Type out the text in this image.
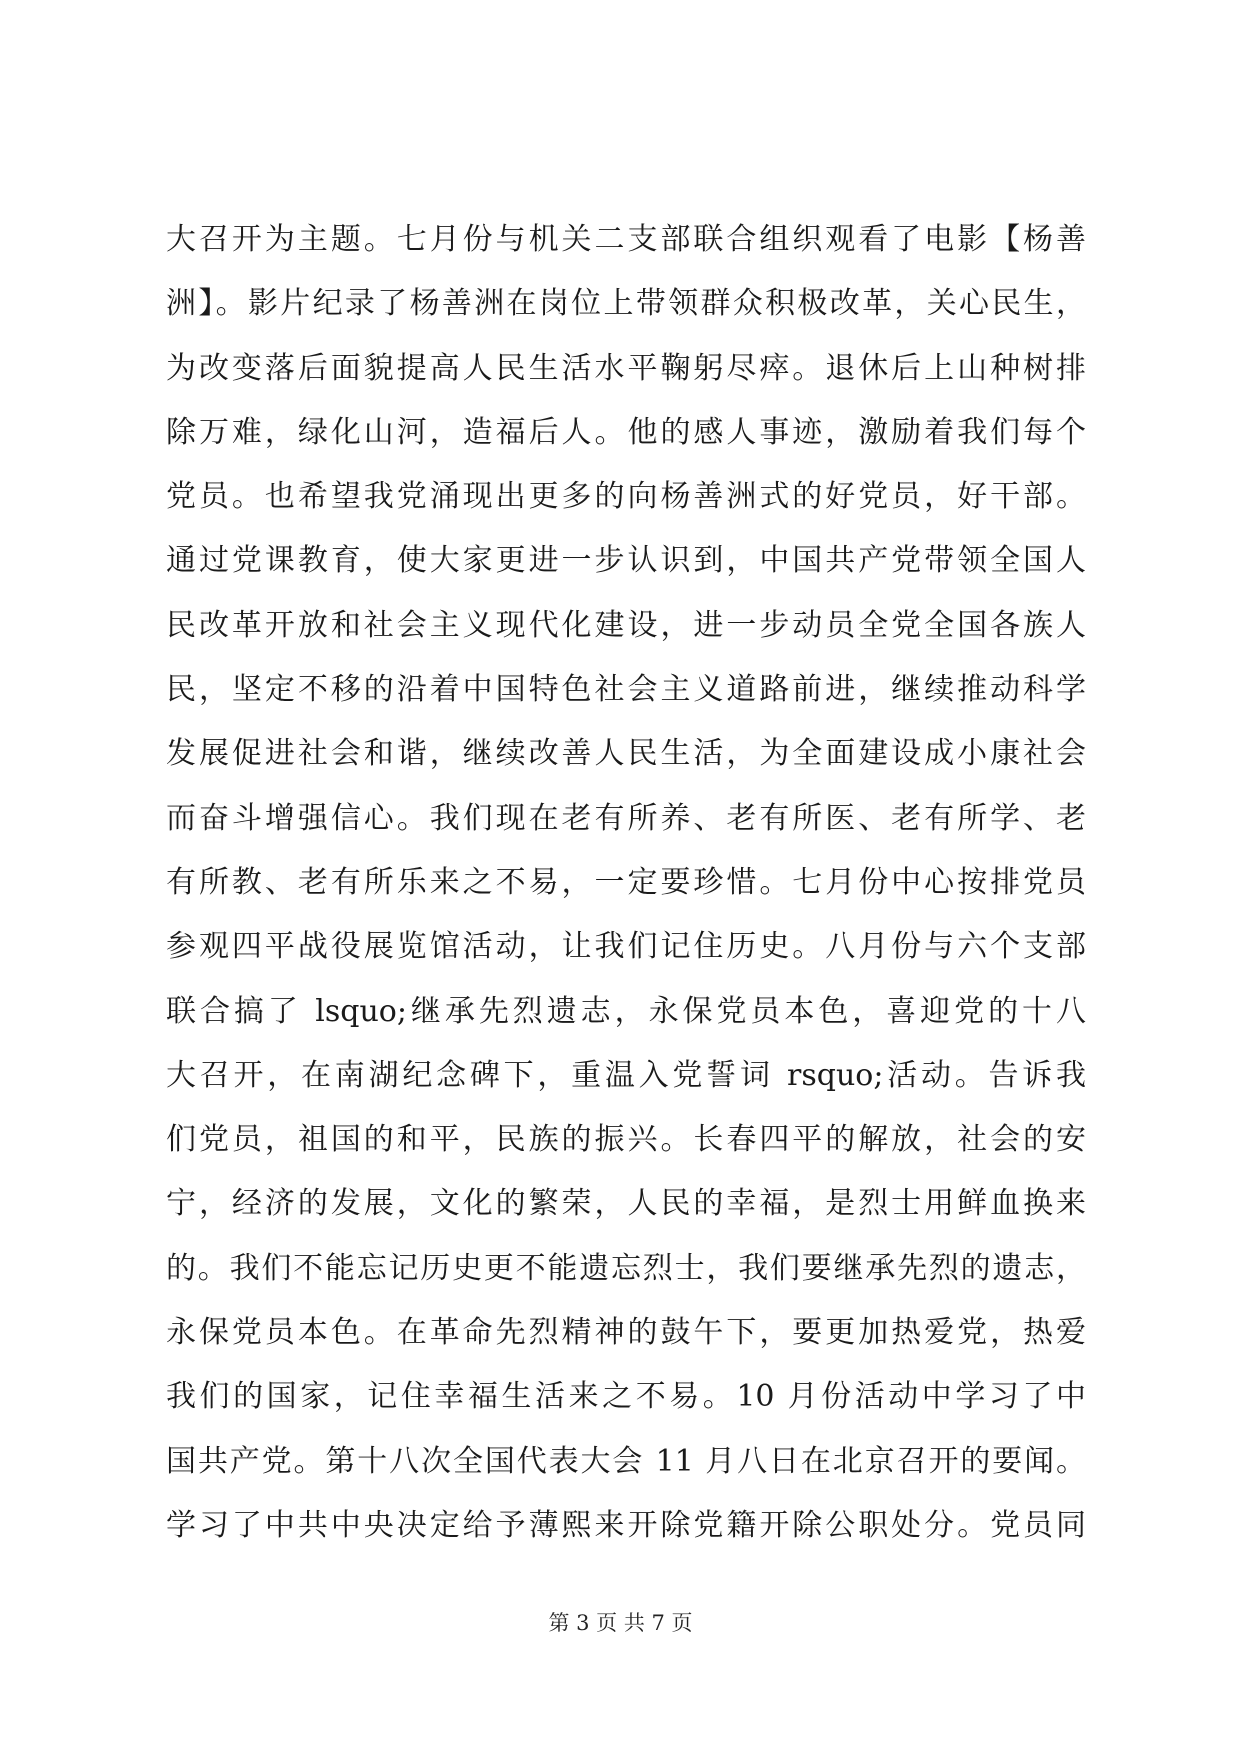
大召开为主题。七月份与机关二支部联合组织观看了电影【杨善
洲】。影片纪录了杨善洲在岗位上带领群众积极改革，关心民生，
为改变落后面貌提高人民生活水平鞠躬尽瘁。退休后上山种树排
除万难，绿化山河，造福后人。他的感人事迹，激励着我们每个
党员。也希望我党涌现出更多的向杨善洲式的好党员，好干部。
通过党课教育，使大家更进一步认识到，中国共产党带领全国人
民改革开放和社会主义现代化建设，进一步动员全党全国各族人
民，坚定不移的沿着中国特色社会主义道路前进，继续推动科学
发展促进社会和谐，继续改善人民生活，为全面建设成小康社会
而奋斗增强信心。我们现在老有所养、老有所医、老有所学、老
有所教、老有所乐来之不易，一定要珍惜。七月份中心按排党员
参观四平战役展览馆活动，让我们记住历史。八月份与六个支部
联合搞了 lsquo;继承先烈遗志，永保党员本色，喜迎党的十八
大召开，在南湖纪念碑下，重温入党誓词 rsquo;活动。告诉我
们党员，祖国的和平，民族的振兴。长春四平的解放，社会的安
宁，经济的发展，文化的繁荣，人民的幸福，是烈士用鲜血换来
的。我们不能忘记历史更不能遗忘烈士，我们要继承先烈的遗志，
永保党员本色。在革命先烈精神的鼓午下，要更加热爱党，热爱
我们的国家，记住幸福生活来之不易。10 月份活动中学习了中
国共产党。第十八次全国代表大会 11 月八日在北京召开的要闻。
学习了中共中央决定给予薄熙来开除党籍开除公职处分。党员同
第 3 页 共 7 页
